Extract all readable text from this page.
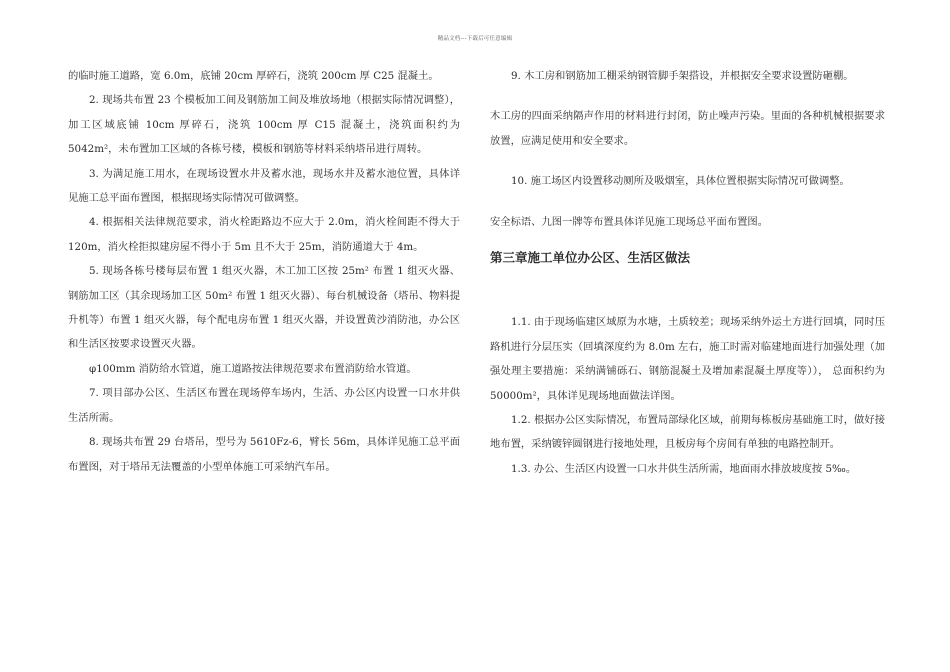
精品文档---下载后可任意编辑

的临时施工道路，宽 6.0m，底铺 20cm 厚碎石，浇筑 200cm 厚 C25 混凝土。

2. 现场共布置 23 个模板加工间及钢筋加工间及堆放场地（根据实际情况调整），加工区域底铺 10cm 厚碎石，浇筑 100cm 厚 C15 混凝土，浇筑面积约为 5042m²，未布置加工区域的各栋号楼，模板和钢筋等材料采纳塔吊进行周转。

3. 为满足施工用水，在现场设置水井及蓄水池，现场水井及蓄水池位置，具体详见施工总平面布置图，根据现场实际情况可做调整。

4. 根据相关法律规范要求，消火栓距路边不应大于 2.0m，消火栓间距不得大于 120m，消火栓拒拟建房屋不得小于 5m 且不大于 25m，消防通道大于 4m。

5. 现场各栋号楼每层布置 1 组灭火器，木工加工区按 25m² 布置 1 组灭火器、钢筋加工区（其余现场加工区 50m² 布置 1 组灭火器）、每台机械设备（塔吊、物料提升机等）布置 1 组灭火器，每个配电房布置 1 组灭火器，并设置黄沙消防池，办公区和生活区按要求设置灭火器。

φ100mm 消防给水管道，施工道路按法律规范要求布置消防给水管道。

7. 项目部办公区、生活区布置在现场停车场内，生活、办公区内设置一口水井供生活所需。

8. 现场共布置 29 台塔吊，型号为 5610Fz-6，臂长 56m，具体详见施工总平面布置图，对于塔吊无法覆盖的小型单体施工可采纳汽车吊。

9. 木工房和钢筋加工棚采纳钢管脚手架搭设，并根据安全要求设置防砸棚。

木工房的四面采纳隔声作用的材料进行封闭，防止噪声污染。里面的各种机械根据要求放置，应满足使用和安全要求。

10. 施工场区内设置移动厕所及吸烟室，具体位置根据实际情况可做调整。

安全标语、九图一牌等布置具体详见施工现场总平面布置图。

第三章施工单位办公区、生活区做法

1.1. 由于现场临建区域原为水塘，土质较差；现场采纳外运土方进行回填，同时压路机进行分层压实（回填深度约为 8.0m 左右，施工时需对临建地面进行加强处理（加强处理主要措施：采纳满铺砾石、钢筋混凝土及增加素混凝土厚度等））， 总面积约为 50000m²，具体详见现场地面做法详图。

1.2. 根据办公区实际情况，布置局部绿化区域，前期每栋板房基础施工时，做好接地布置，采纳镀锌圆钢进行接地处理，且板房每个房间有单独的电路控制开。

1.3. 办公、生活区内设置一口水井供生活所需，地面雨水排放坡度按 5‰。
